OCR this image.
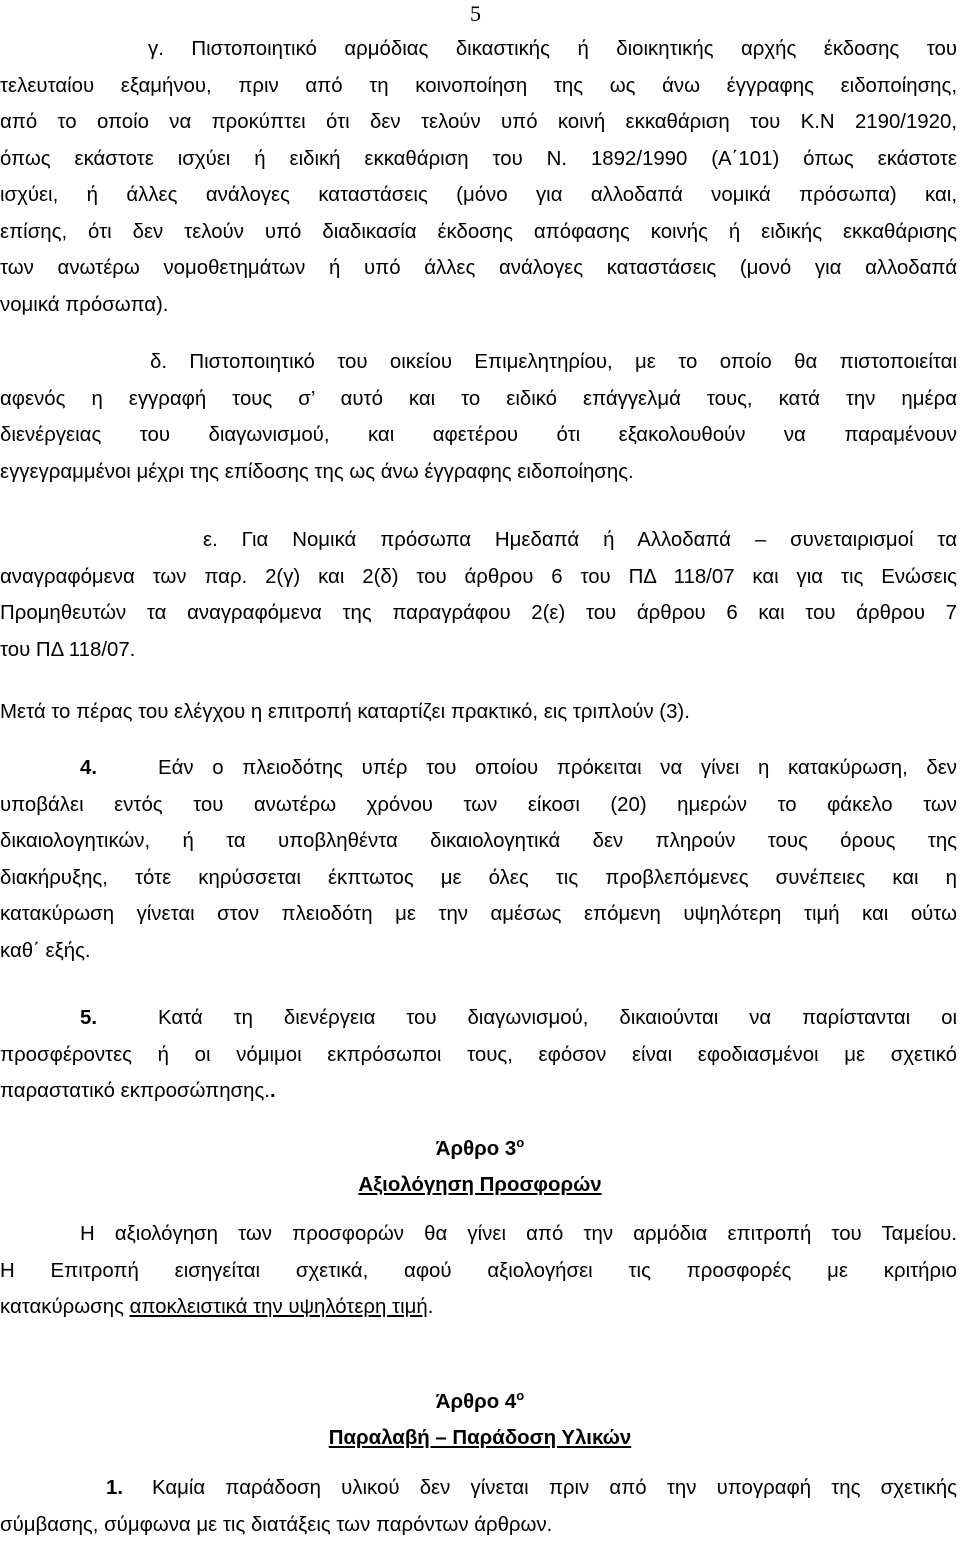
5
γ. Πιστοποιητικό αρμόδιας δικαστικής ή διοικητικής αρχής έκδοσης του
τελευταίου εξαμήνου, πριν από τη κοινοποίηση της ως άνω έγγραφης ειδοποίησης,
από το οποίο να προκύπτει ότι δεν τελούν υπό κοινή εκκαθάριση του Κ.Ν 2190/1920,
όπως εκάστοτε ισχύει ή ειδική εκκαθάριση του Ν. 1892/1990 (Α΄101) όπως εκάστοτε
ισχύει, ή άλλες ανάλογες καταστάσεις (μόνο για αλλοδαπά νομικά πρόσωπα) και,
επίσης, ότι δεν τελούν υπό διαδικασία έκδοσης απόφασης κοινής ή ειδικής εκκαθάρισης
των ανωτέρω νομοθετημάτων ή υπό άλλες ανάλογες καταστάσεις (μονό για αλλοδαπά
νομικά πρόσωπα).
δ. Πιστοποιητικό του οικείου Επιμελητηρίου, με το οποίο θα πιστοποιείται
αφενός η εγγραφή τους σ’ αυτό και το ειδικό επάγγελμά τους, κατά την ημέρα
διενέργειας του διαγωνισμού, και αφετέρου ότι εξακολουθούν να παραμένουν
εγγεγραμμένοι μέχρι της επίδοσης της ως άνω έγγραφης ειδοποίησης.
ε. Για Νομικά πρόσωπα Ημεδαπά ή Αλλοδαπά – συνεταιρισμοί τα
αναγραφόμενα των παρ. 2(γ) και 2(δ) του άρθρου 6 του ΠΔ 118/07 και για τις Ενώσεις
Προμηθευτών τα αναγραφόμενα της παραγράφου 2(ε) του άρθρου 6 και του άρθρου 7
του ΠΔ 118/07.
Μετά το πέρας του ελέγχου η επιτροπή καταρτίζει πρακτικό, εις τριπλούν (3).
4.	Εάν ο πλειοδότης υπέρ του οποίου πρόκειται να γίνει η κατακύρωση, δεν
υποβάλει εντός του ανωτέρω χρόνου των είκοσι (20) ημερών το φάκελο των
δικαιολογητικών, ή τα υποβληθέντα δικαιολογητικά δεν πληρούν τους όρους της
διακήρυξης, τότε κηρύσσεται έκπτωτος με όλες τις προβλεπόμενες συνέπειες και η
κατακύρωση γίνεται στον πλειοδότη με την αμέσως επόμενη υψηλότερη τιμή και ούτω
καθ΄ εξής.
5.	Κατά τη διενέργεια του διαγωνισμού, δικαιούνται να παρίστανται οι
προσφέροντες ή οι νόμιμοι εκπρόσωποι τους, εφόσον είναι εφοδιασμένοι με σχετικό
παραστατικό εκπροσώπησης..
Άρθρο $3^o$
Αξιολόγηση Προσφορών
Η αξιολόγηση των προσφορών θα γίνει από την αρμόδια επιτροπή του Ταμείου.
Η Επιτροπή εισηγείται σχετικά, αφού αξιολογήσει τις προσφορές με κριτήριο
κατακύρωσης αποκλειστικά την υψηλότερη τιμή.
Άρθρο $4^o$
Παραλαβή – Παράδοση Υλικών
1. Καμία παράδοση υλικού δεν γίνεται πριν από την υπογραφή της σχετικής
σύμβασης, σύμφωνα με τις διατάξεις των παρόντων άρθρων.
